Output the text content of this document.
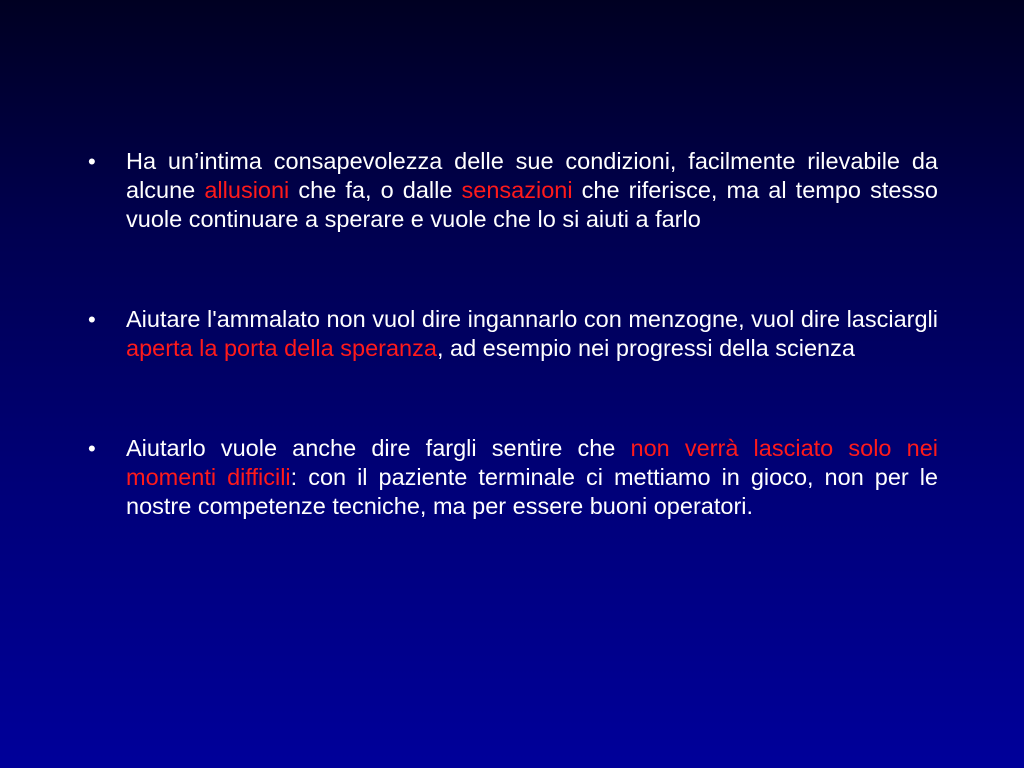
•	Ha un’intima consapevolezza delle sue condizioni, facilmente rilevabile da alcune allusioni che fa, o dalle sensazioni che riferisce, ma al tempo stesso vuole continuare a sperare e vuole che lo si aiuti a farlo
•	Aiutare l'ammalato non vuol dire ingannarlo con menzogne, vuol dire lasciargli aperta la porta della speranza, ad esempio nei progressi della scienza
•	Aiutarlo vuole anche dire fargli sentire che non verrà lasciato solo nei momenti difficili: con il paziente terminale ci mettiamo in gioco, non per le nostre competenze tecniche, ma per essere buoni operatori.
